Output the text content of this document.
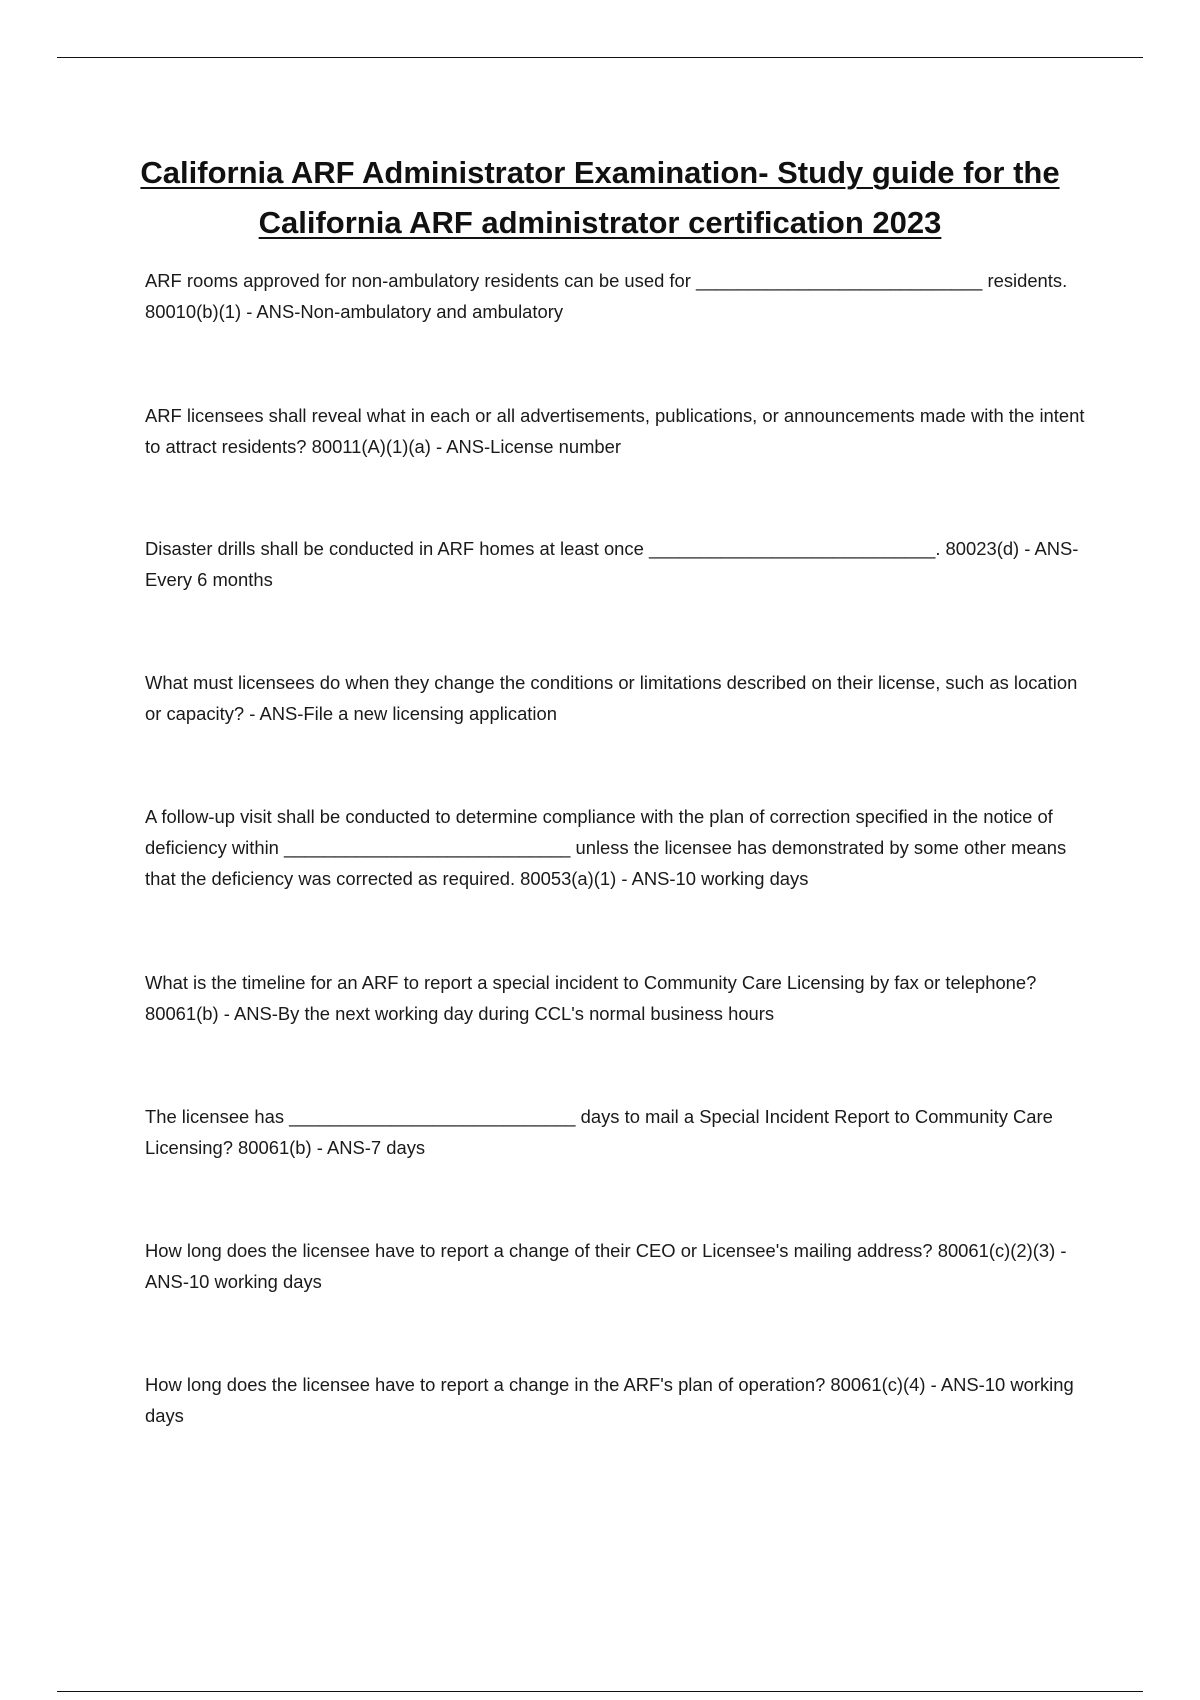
California ARF Administrator Examination- Study guide for the California ARF administrator certification 2023

ARF rooms approved for non-ambulatory residents can be used for ____________________________ residents. 80010(b)(1) - ANS-Non-ambulatory and ambulatory

ARF licensees shall reveal what in each or all advertisements, publications, or announcements made with the intent to attract residents? 80011(A)(1)(a) - ANS-License number

Disaster drills shall be conducted in ARF homes at least once ____________________________. 80023(d) - ANS-Every 6 months

What must licensees do when they change the conditions or limitations described on their license, such as location or capacity? - ANS-File a new licensing application

A follow-up visit shall be conducted to determine compliance with the plan of correction specified in the notice of deficiency within ____________________________ unless the licensee has demonstrated by some other means that the deficiency was corrected as required. 80053(a)(1) - ANS-10 working days

What is the timeline for an ARF to report a special incident to Community Care Licensing by fax or telephone? 80061(b) - ANS-By the next working day during CCL's normal business hours

The licensee has ____________________________ days to mail a Special Incident Report to Community Care Licensing? 80061(b) - ANS-7 days

How long does the licensee have to report a change of their CEO or Licensee's mailing address? 80061(c)(2)(3) - ANS-10 working days

How long does the licensee have to report a change in the ARF's plan of operation? 80061(c)(4) - ANS-10 working days
